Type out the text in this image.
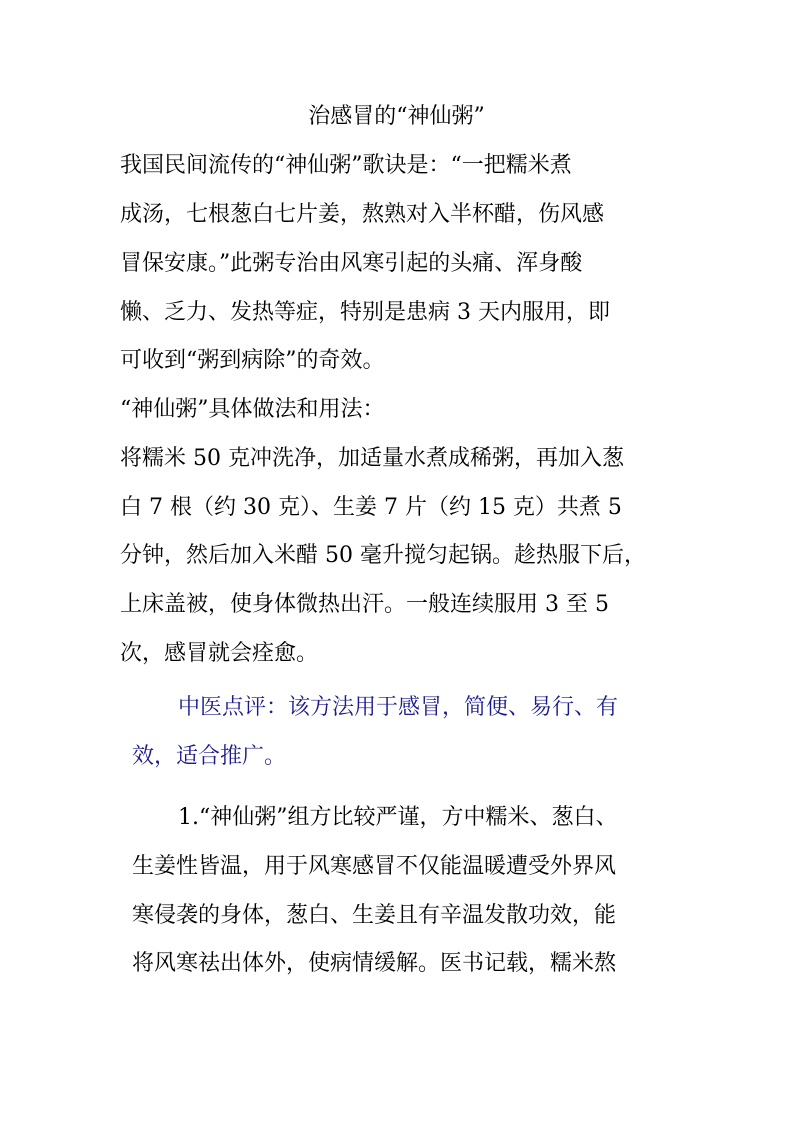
治感冒的“神仙粥”
我国民间流传的“神仙粥”歌诀是：“一把糯米煮
成汤，七根葱白七片姜，熬熟对入半杯醋，伤风感
冒保安康。”此粥专治由风寒引起的头痛、浑身酸
懒、乏力、发热等症，特别是患病 3 天内服用，即
可收到“粥到病除”的奇效。
“神仙粥”具体做法和用法：
将糯米 50 克冲洗净，加适量水煮成稀粥，再加入葱
白 7 根（约 30 克）、生姜 7 片（约 15 克）共煮 5
分钟，然后加入米醋 50 毫升搅匀起锅。趁热服下后，
上床盖被，使身体微热出汗。一般连续服用 3 至 5
次，感冒就会痊愈。
中医点评：该方法用于感冒，简便、易行、有
效，适合推广。
1.“神仙粥”组方比较严谨，方中糯米、葱白、
生姜性皆温，用于风寒感冒不仅能温暖遭受外界风
寒侵袭的身体，葱白、生姜且有辛温发散功效，能
将风寒祛出体外，使病情缓解。医书记载，糯米熬
